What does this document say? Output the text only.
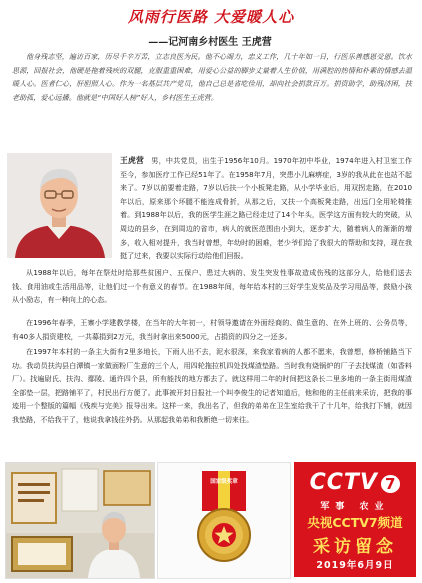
风雨行医路 大爱暖人心
——记河南乡村医生 王虎营

他身残志坚，遍访百家，历尽千辛万苦，立志良医为民。他不心竭力，忠义工作，几十年如一日，行医乐善感恩受恩。饮水思源，回报社会，他硬是拖着残疾的双腿，克服重重困难，用爱心公益的脚步丈量着人生价值，用满腔的热情和朴素的情感去温暖人心。医者仁心，肝胆照人心。作为一名基层共产党员，他自己总是省吃俭用，却向社会捐款百万。捐资助学，助残济困，扶老助孤，爱心远播。他就是“中国好人榜”好人，乡村医生王虎营。

王虎营　男，中共党员，出生于1956年10月。1970年初中毕业，1974年进入村卫室工作至今，参加医疗工作已经51年了。在1958年7月，突患小儿麻痹症，3岁的我从此在也站不起来了。7岁以前要着走路，7岁以后扶一个小板凳走路，从小学毕业后，用双拐走路，在2010年以后，原来那个坏腿不能连成骨折，从那之后，又扶一个高板凳走路，出远门全用轮椅推着。到1988年以后，我的医学生涯之路已经走过了14个年头，医学这方面有较大的突破，从周边的县乡，在到周边的省市，病人的就医范围由小到大，逐步扩大，随着病人的渐渐的增多，收入相对提升，我当时曾想，年幼时的困难，老少爷们给了我很大的帮助和支持，现在我挺了过来，我要以实际行动给他们回报。

从1988年以后，每年在祭灶时给那些贫困户、五保户、患过大病的、发生突发性事故造成伤残的这部分人，给他们送去钱、食用油或生活用品等，让他们过一个有意义的春节。在1988年间，每年给本村的三好学生发奖品及学习用品等，鼓励小孩从小励志，有一种向上的心态。

在1996年春季，王寨小学建教学楼，在当年的大年初一，村领导邀请在外面经商的、做生意的、在外上班的、公务员等，有40多人捐资建校，一共募捐到2万元，我当时拿出来5000元，占捐资的四分之一还多。

在1997年本村的一条主大街有2里多地长，下雨人出不去，泥水很深，来我家看病的人都不愿来，我曾想，修桥铺路当下功。我动员扶沟县白潭镇一家做面粉厂生意的三个人，用四轮拖拉机四处找煤渣垫路。当时我有烧锅炉的厂子去找煤渣（如香料厂）。找遍尉氏、扶沟、鄢陵、通许四个县，所有能找的地方都去了。就这样用二年的时间把这条长二里多地的一条主街用煤渣全部垫一层，把路铺平了，村民出行方便了。此事被开封日报社一个叫李俊生的记者知道后，他和他的主任前来采访，把我的事迹用一个整版的篇幅《残疾与完美》报导出来。这样一来，我出名了，但我的弟弟在卫生室给我干了十几年，给我打下铺，就因我垫路，不给我干了，他说我拿钱往外扔。从那起我弟弟和我断绝一切来往。

国家级奖章	CCTV 7

军事 农业

央视CCTV7频道

采访留念

2019年6月9日
